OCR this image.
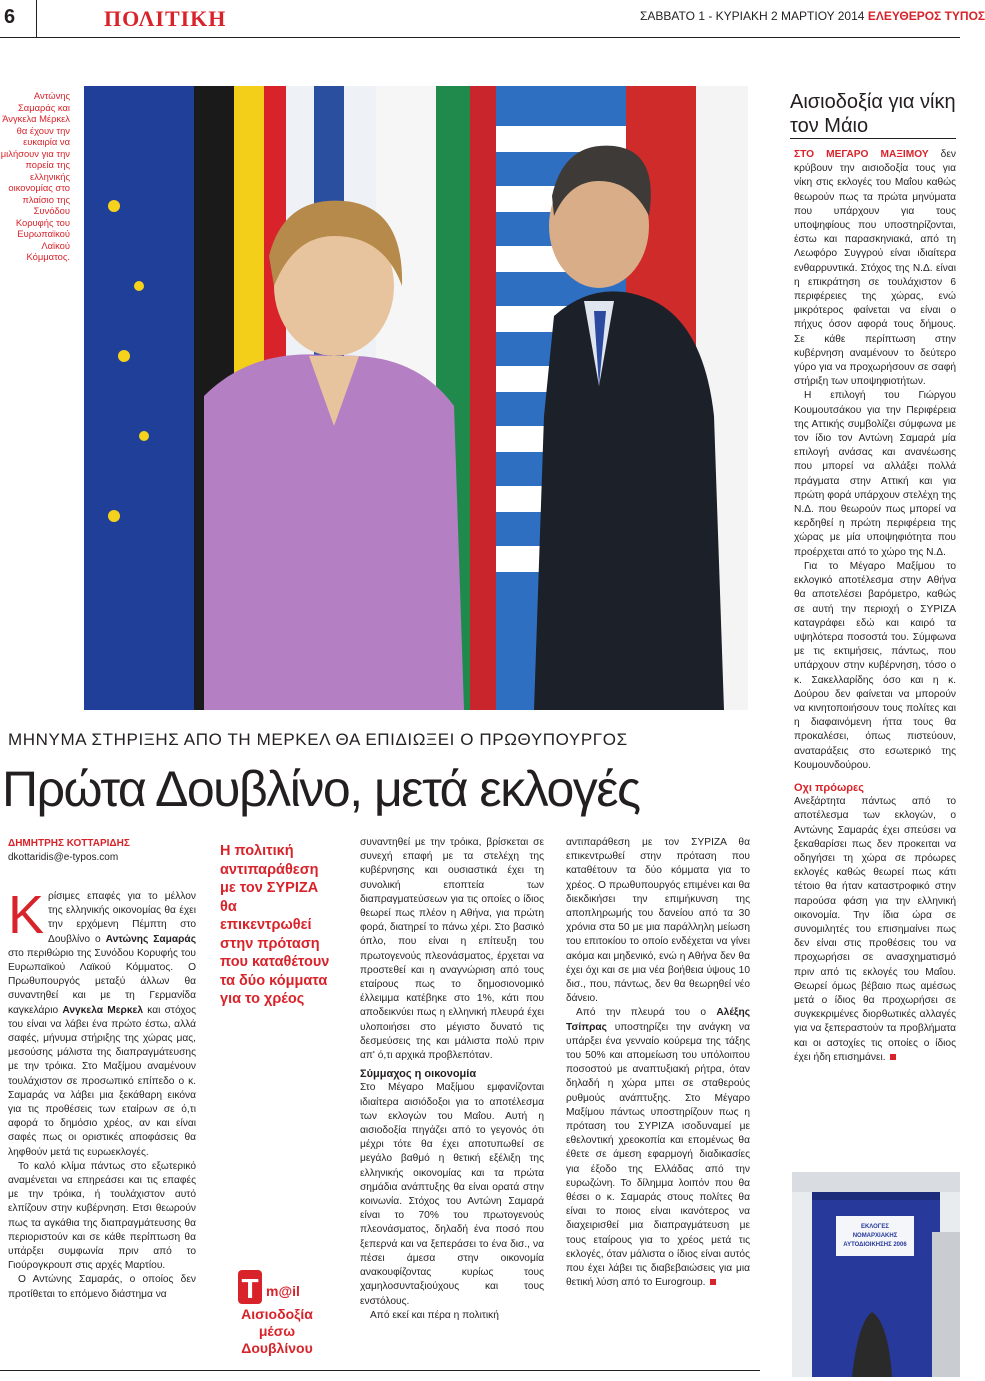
6	ΠΟΛΙΤΙΚΗ	ΣΑΒΒΑΤΟ 1 - ΚΥΡΙΑΚΗ 2 ΜΑΡΤΙΟΥ 2014 ΕΛΕΥΘΕΡΟΣ ΤΥΠΟΣ
Αντώνης Σαμαράς και Άνγκελα Μέρκελ θα έχουν την ευκαιρία να μιλήσουν για την πορεία της ελληνικής οικονομίας στο πλαίσιο της Συνόδου Κορυφής του Ευρωπαϊκού Λαϊκού Κόμματος.
ΜΗΝΥΜΑ ΣΤΗΡΙΞΗΣ ΑΠΟ ΤΗ ΜΕΡΚΕΛ ΘΑ ΕΠΙΔΙΩΞΕΙ Ο ΠΡΩΘΥΠΟΥΡΓΟΣ
Πρώτα Δουβλίνο, μετά εκλογές
ΔΗΜΗΤΡΗΣ ΚΟΤΤΑΡΙΔΗΣ
dkottaridis@e-typos.com

Κρίσιμες επαφές για το μέλλον της ελληνικής οικονομίας θα έχει την ερχόμενη Πέμπτη στο Δουβλίνο ο Αντώνης Σαμαράς στο περιθώριο της Συνόδου Κορυφής του Ευρωπαϊκού Λαϊκού Κόμματος. Ο Πρωθυπουργός μεταξύ άλλων θα συναντηθεί και με τη Γερμανίδα καγκελάριο Ανγκελα Μερκελ και στόχος του είναι να λάβει ένα πρώτο έστω, αλλά σαφές, μήνυμα στήριξης της χώρας μας, μεσούσης μάλιστα της διαπραγμάτευσης με την τρόικα. Στο Μαξίμου αναμένουν τουλάχιστον σε προσωπικό επίπεδο ο κ. Σαμαράς να λάβει μια ξεκάθαρη εικόνα για τις προθέσεις των εταίρων σε ό,τι αφορά το δημόσιο χρέος, αν και είναι σαφές πως οι οριστικές αποφάσεις θα ληφθούν μετά τις ευρωεκλογές.

Το καλό κλίμα πάντως στο εξωτερικό αναμένεται να επηρεάσει και τις επαφές με την τρόικα, ή τουλάχιστον αυτό ελπίζουν στην κυβέρνηση. Ετσι θεωρούν πως τα αγκάθια της διαπραγμάτευσης θα περιοριστούν και σε κάθε περίπτωση θα υπάρξει συμφωνία πριν από το Γιούρογκρουπ στις αρχές Μαρτίου.

Ο Αντώνης Σαμαράς, ο οποίος δεν προτίθεται το επόμενο διάστημα να

Η πολιτική αντιπαράθεση με τον ΣΥΡΙΖΑ θα επικεντρωθεί στην πρόταση που καταθέτουν τα δύο κόμματα για το χρέος
T m@il
Αισιοδοξία μέσω Δουβλίνου

συναντηθεί με την τρόικα, βρίσκεται σε συνεχή επαφή με τα στελέχη της κυβέρνησης και ουσιαστικά έχει τη συνολική εποπτεία των διαπραγματεύσεων για τις οποίες ο ίδιος θεωρεί πως πλέον η Αθήνα, για πρώτη φορά, διατηρεί το πάνω χέρι. Στο βασικό όπλο, που είναι η επίτευξη του πρωτογενούς πλεονάσματος, έρχεται να προστεθεί και η αναγνώριση από τους εταίρους πως το δημοσιονομικό έλλειμμα κατέβηκε στο 1%, κάτι που αποδεικνύει πως η ελληνική πλευρά έχει υλοποιήσει στο μέγιστο δυνατό τις δεσμεύσεις της και μάλιστα πολύ πριν απ' ό,τι αρχικά προβλεπόταν.

Σύμμαχος η οικονομία

Στο Μέγαρο Μαξίμου εμφανίζονται ιδιαίτερα αισιόδοξοι για το αποτέλεσμα των εκλογών του Μαΐου. Αυτή η αισιοδοξία πηγάζει από το γεγονός ότι μέχρι τότε θα έχει αποτυπωθεί σε μεγάλο βαθμό η θετική εξέλιξη της ελληνικής οικονομίας και τα πρώτα σημάδια ανάπτυξης θα είναι ορατά στην κοινωνία. Στόχος του Αντώνη Σαμαρά είναι το 70% του πρωτογενούς πλεονάσματος, δηλαδή ένα ποσό που ξεπερνά και να ξεπεράσει το ένα δισ., να πέσει άμεσα στην οικονομία ανακουφίζοντας κυρίως τους χαμηλοσυνταξιούχους και τους ενστόλους.

Από εκεί και πέρα η πολιτική

αντιπαράθεση με τον ΣΥΡΙΖΑ θα επικεντρωθεί στην πρόταση που καταθέτουν τα δύο κόμματα για το χρέος. Ο πρωθυπουργός επιμένει και θα διεκδικήσει την επιμήκυνση της αποπληρωμής του δανείου από τα 30 χρόνια στα 50 με μια παράλληλη μείωση του επιτοκίου το οποίο ενδέχεται να γίνει ακόμα και μηδενικό, ενώ η Αθήνα δεν θα έχει όχι και σε μια νέα βοήθεια ύψους 10 δισ., που, πάντως, δεν θα θεωρηθεί νέο δάνειο.

Από την πλευρά του ο Αλέξης Τσίπρας υποστηρίζει την ανάγκη να υπάρξει ένα γενναίο κούρεμα της τάξης του 50% και απομείωση του υπόλοιπου ποσοστού με αναπτυξιακή ρήτρα, όταν δηλαδή η χώρα μπει σε σταθερούς ρυθμούς ανάπτυξης. Στο Μέγαρο Μαξίμου πάντως υποστηρίζουν πως η πρόταση του ΣΥΡΙΖΑ ισοδυναμεί με εθελοντική χρεοκοπία και επομένως θα έθετε σε άμεση εφαρμογή διαδικασίες για έξοδο της Ελλάδας από την ευρωζώνη. Το δίλημμα λοιπόν που θα θέσει ο κ. Σαμαράς στους πολίτες θα είναι το ποιος είναι ικανότερος να διαχειρισθεί μια διαπραγμάτευση με τους εταίρους για το χρέος μετά τις εκλογές, όταν μάλιστα ο ίδιος είναι αυτός που έχει λάβει τις διαβεβαιώσεις για μια θετική λύση από το Eurogroup.

Αισιοδοξία για νίκη τον Μάιο

ΣΤΟ ΜΕΓΑΡΟ ΜΑΞΙΜΟΥ δεν κρύβουν την αισιοδοξία τους για νίκη στις εκλογές του Μαΐου καθώς θεωρούν πως τα πρώτα μηνύματα που υπάρχουν για τους υποψηφίους που υποστηρίζονται, έστω και παρασκηνιακά, από τη Λεωφόρο Συγγρού είναι ιδιαίτερα ενθαρρυντικά. Στόχος της Ν.Δ. είναι η επικράτηση σε τουλάχιστον 6 περιφέρειες της χώρας, ενώ μικρότερος φαίνεται να είναι ο πήχυς όσον αφορά τους δήμους. Σε κάθε περίπτωση στην κυβέρνηση αναμένουν το δεύτερο γύρο για να προχωρήσουν σε σαφή στήριξη των υποψηφιοτήτων.

Η επιλογή του Γιώργου Κουμουτσάκου για την Περιφέρεια της Αττικής συμβολίζει σύμφωνα με τον ίδιο τον Αντώνη Σαμαρά μία επιλογή ανάσας και ανανέωσης που μπορεί να αλλάξει πολλά πράγματα στην Αττική και για πρώτη φορά υπάρχουν στελέχη της Ν.Δ. που θεωρούν πως μπορεί να κερδηθεί η πρώτη περιφέρεια της χώρας με μία υποψηφιότητα που προέρχεται από το χώρο της Ν.Δ.

Για το Μέγαρο Μαξίμου το εκλογικό αποτέλεσμα στην Αθήνα θα αποτελέσει βαρόμετρο, καθώς σε αυτή την περιοχή ο ΣΥΡΙΖΑ καταγράφει εδώ και καιρό τα υψηλότερα ποσοστά του. Σύμφωνα με τις εκτιμήσεις, πάντως, που υπάρχουν στην κυβέρνηση, τόσο ο κ. Σακελλαρίδης όσο και η κ. Δούρου δεν φαίνεται να μπορούν να κινητοποιήσουν τους πολίτες και η διαφαινόμενη ήττα τους θα προκαλέσει, όπως πιστεύουν, αναταράξεις στο εσωτερικό της Κουμουνδούρου.

Οχι πρόωρες

Ανεξάρτητα πάντως από το αποτέλεσμα των εκλογών, ο Αντώνης Σαμαράς έχει σπεύσει να ξεκαθαρίσει πως δεν προκειται να οδηγήσει τη χώρα σε πρόωρες εκλογές καθώς θεωρεί πως κάτι τέτοιο θα ήταν καταστροφικό στην παρούσα φάση για την ελληνική οικονομία. Την ίδια ώρα σε συνομιλητές του επισημαίνει πως δεν είναι στις προθέσεις του να προχωρήσει σε ανασχηματισμό πριν από τις εκλογές του Μαΐου. Θεωρεί όμως βέβαιο πως αμέσως μετά ο ίδιος θα προχωρήσει σε συγκεκριμένες διορθωτικές αλλαγές για να ξεπεραστούν τα προβλήματα και οι αστοχίες τις οποίες ο ίδιος έχει ήδη επισημάνει.

ΕΚΛΟΓΕΣ
ΝΟΜΑΡΧΙΑΚΗΣ
ΑΥΤΟΔΙΟΙΚΗΣΗΣ 2006
